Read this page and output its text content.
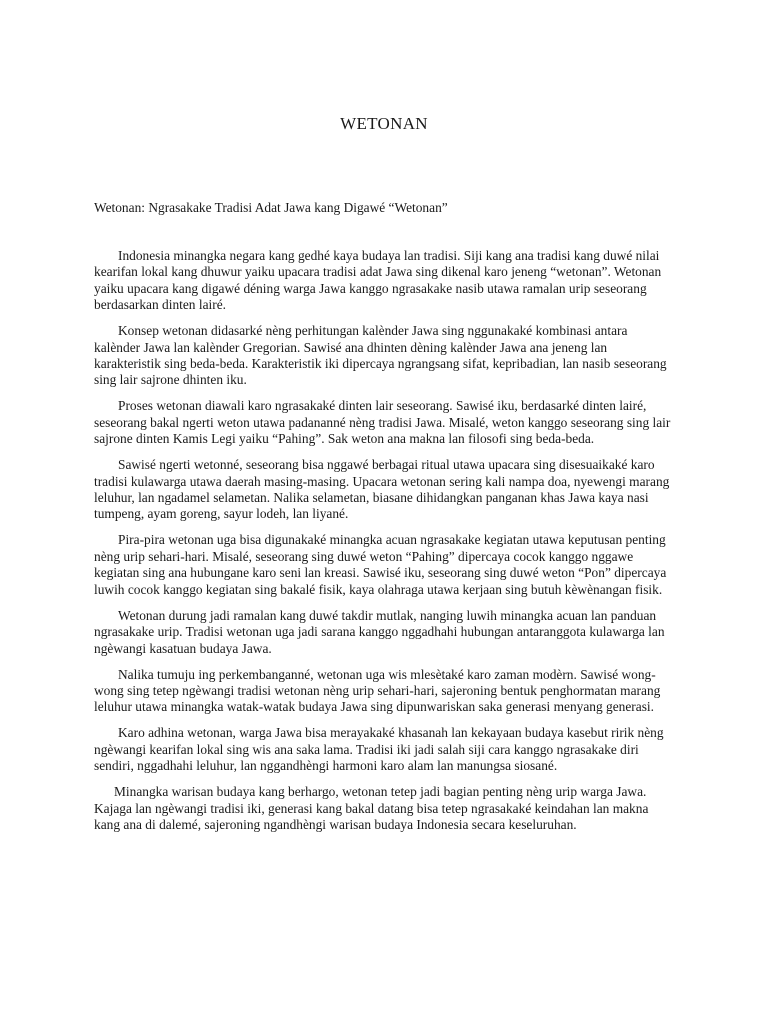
WETONAN

Wetonan: Ngrasakake Tradisi Adat Jawa kang Digawé “Wetonan”

Indonesia minangka negara kang gedhé kaya budaya lan tradisi. Siji kang ana tradisi kang duwé nilai kearifan lokal kang dhuwur yaiku upacara tradisi adat Jawa sing dikenal karo jeneng “wetonan”. Wetonan yaiku upacara kang digawé déning warga Jawa kanggo ngrasakake nasib utawa ramalan urip seseorang berdasarkan dinten lairé.

Konsep wetonan didasarké nèng perhitungan kalènder Jawa sing nggunakaké kombinasi antara kalènder Jawa lan kalènder Gregorian. Sawisé ana dhinten dèning kalènder Jawa ana jeneng lan karakteristik sing beda-beda. Karakteristik iki dipercaya ngrangsang sifat, kepribadian, lan nasib seseorang sing lair sajrone dhinten iku.

Proses wetonan diawali karo ngrasakaké dinten lair seseorang. Sawisé iku, berdasarké dinten lairé, seseorang bakal ngerti weton utawa padananné nèng tradisi Jawa. Misalé, weton kanggo seseorang sing lair sajrone dinten Kamis Legi yaiku “Pahing”. Sak weton ana makna lan filosofi sing beda-beda.

Sawisé ngerti wetonné, seseorang bisa nggawé berbagai ritual utawa upacara sing disesuaikaké karo tradisi kulawarga utawa daerah masing-masing. Upacara wetonan sering kali nampa doa, nyewengi marang leluhur, lan ngadamel selametan. Nalika selametan, biasane dihidangkan panganan khas Jawa kaya nasi tumpeng, ayam goreng, sayur lodeh, lan liyané.

Pira-pira wetonan uga bisa digunakaké minangka acuan ngrasakake kegiatan utawa keputusan penting nèng urip sehari-hari. Misalé, seseorang sing duwé weton “Pahing” dipercaya cocok kanggo nggawe kegiatan sing ana hubungane karo seni lan kreasi. Sawisé iku, seseorang sing duwé weton “Pon” dipercaya luwih cocok kanggo kegiatan sing bakalé fisik, kaya olahraga utawa kerjaan sing butuh kèwènangan fisik.

Wetonan durung jadi ramalan kang duwé takdir mutlak, nanging luwih minangka acuan lan panduan ngrasakake urip. Tradisi wetonan uga jadi sarana kanggo nggadhahi hubungan antaranggota kulawarga lan ngèwangi kasatuan budaya Jawa.

Nalika tumuju ing perkembanganné, wetonan uga wis mlesètaké karo zaman modèrn. Sawisé wong-wong sing tetep ngèwangi tradisi wetonan nèng urip sehari-hari, sajeroning bentuk penghormatan marang leluhur utawa minangka watak-watak budaya Jawa sing dipunwariskan saka generasi menyang generasi.

Karo adhina wetonan, warga Jawa bisa merayakaké khasanah lan kekayaan budaya kasebut ririk nèng ngèwangi kearifan lokal sing wis ana saka lama. Tradisi iki jadi salah siji cara kanggo ngrasakake diri sendiri, nggadhahi leluhur, lan nggandhèngi harmoni karo alam lan manungsa siosané.

Minangka warisan budaya kang berhargo, wetonan tetep jadi bagian penting nèng urip warga Jawa. Kajaga lan ngèwangi tradisi iki, generasi kang bakal datang bisa tetep ngrasakaké keindahan lan makna kang ana di dalemé, sajeroning ngandhèngi warisan budaya Indonesia secara keseluruhan.
